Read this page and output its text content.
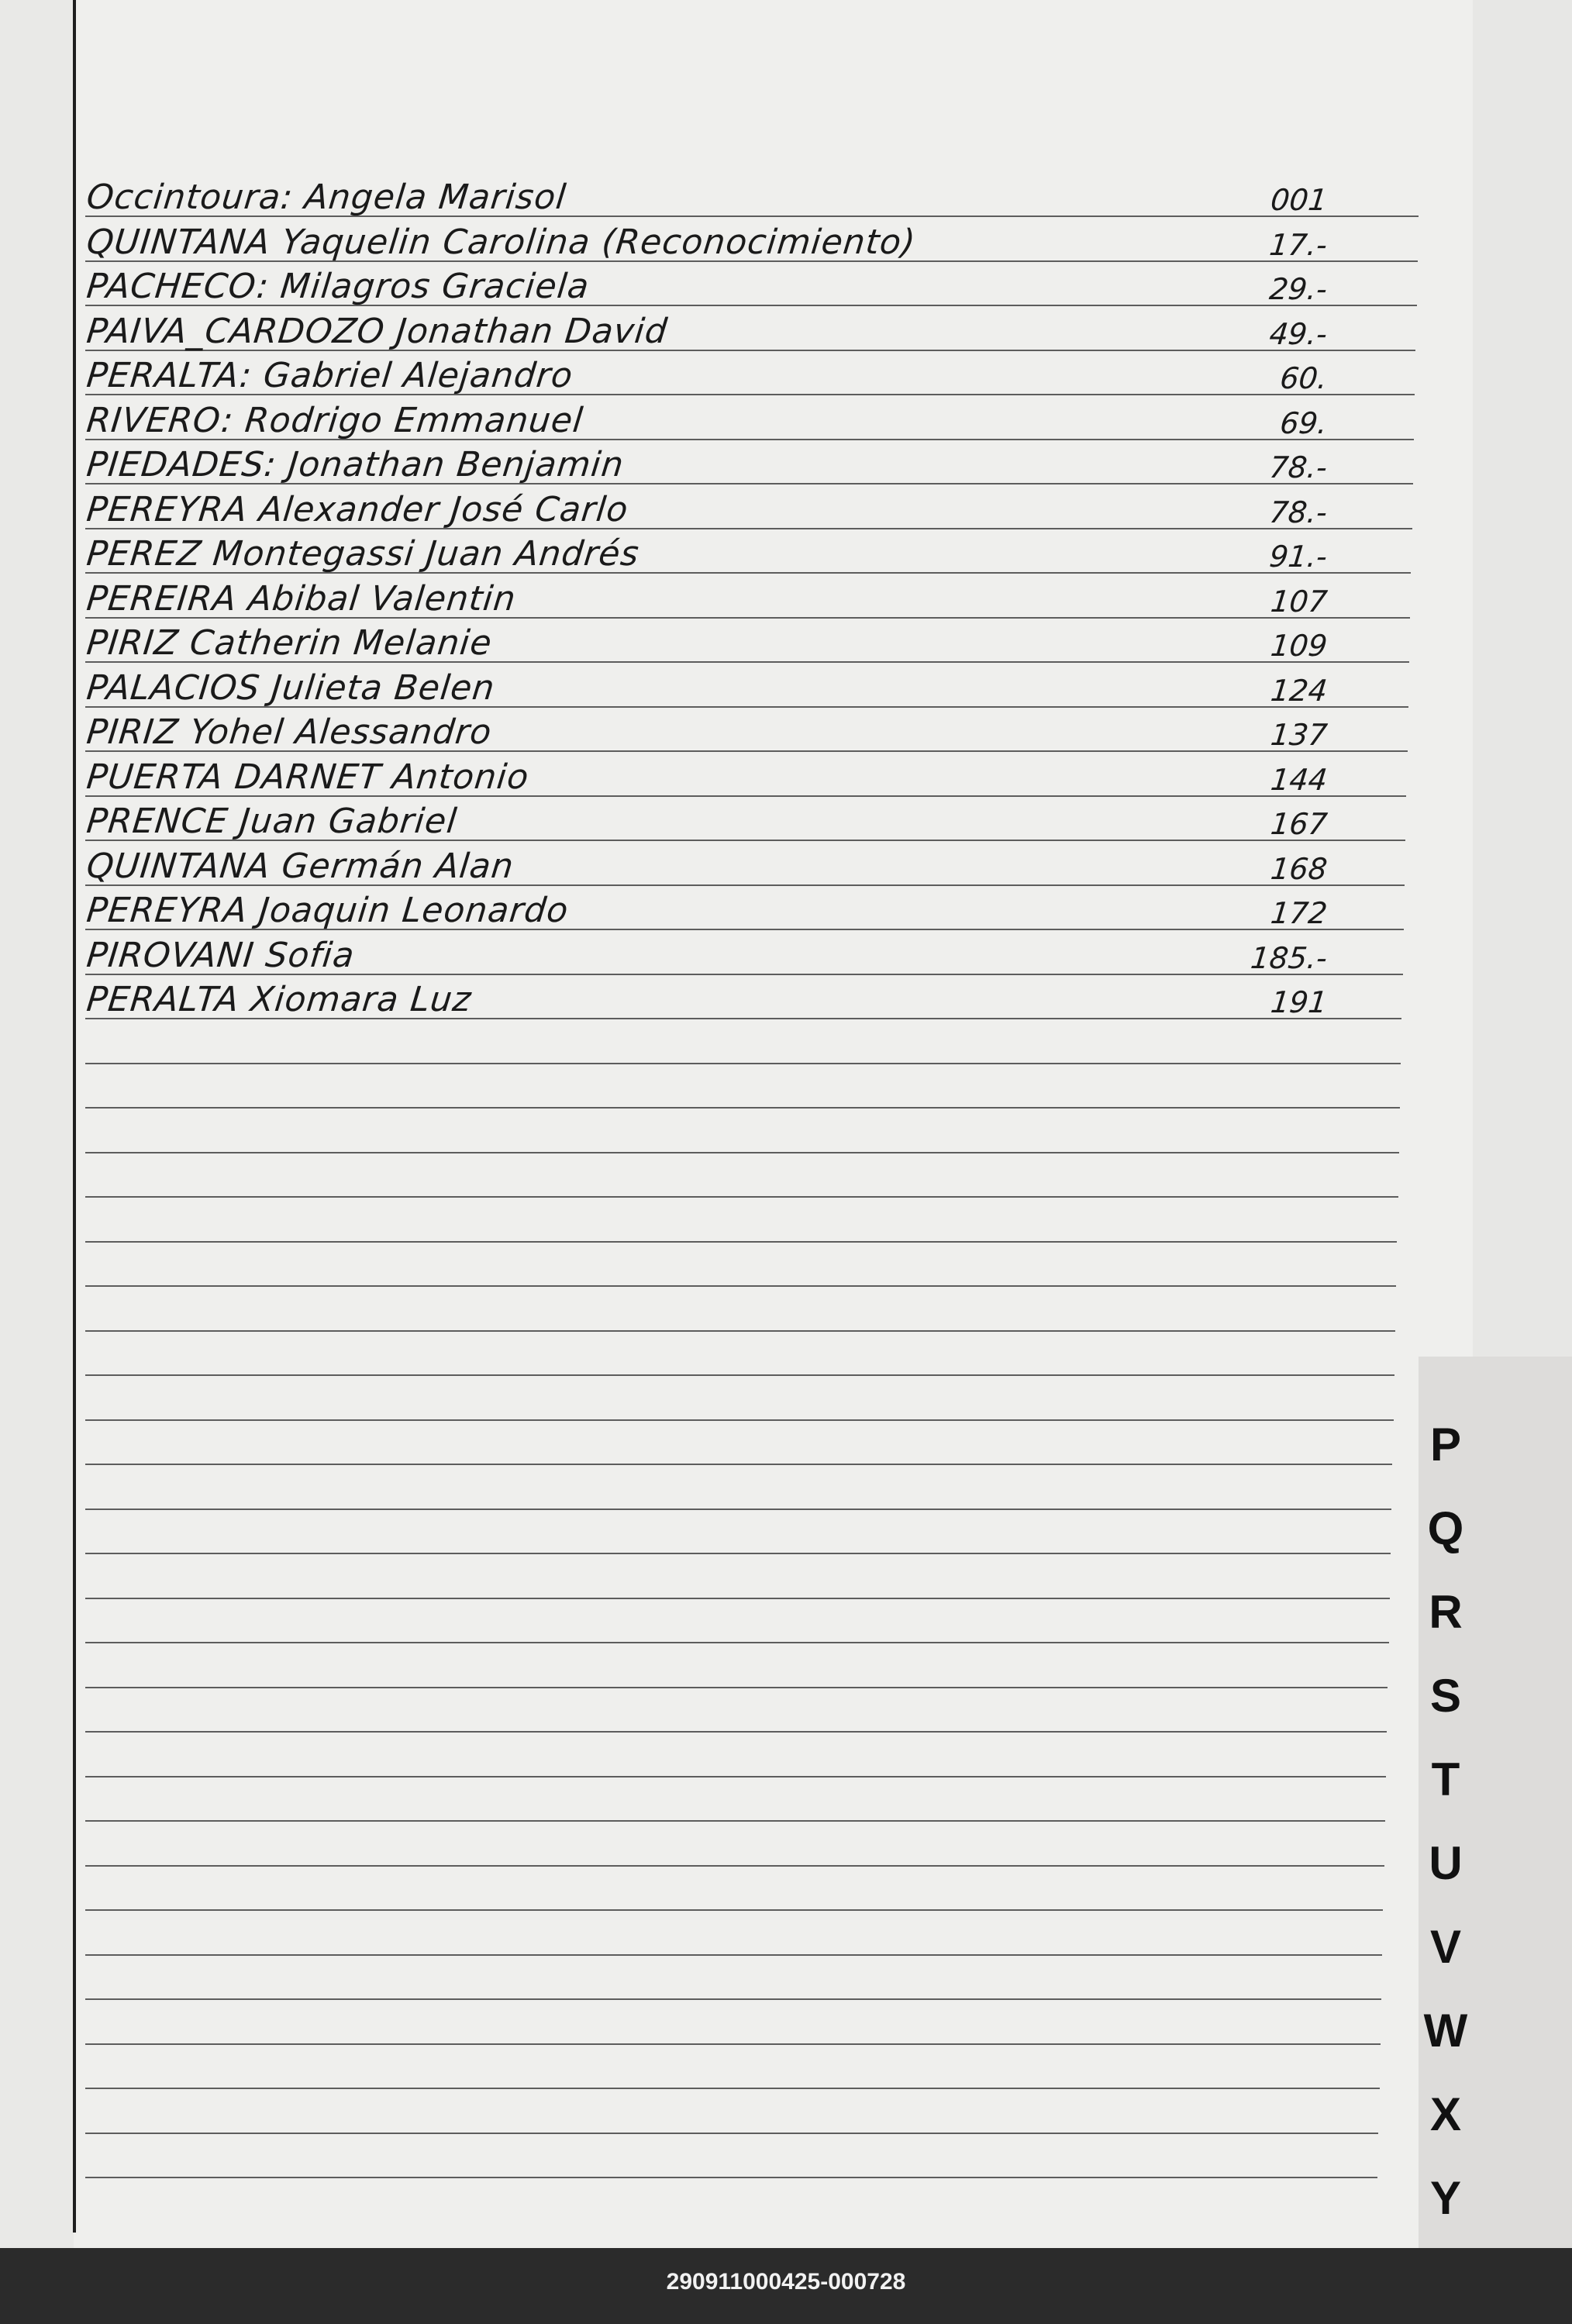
Occintoura: Angela Marisol	001
QUINTANA Yaquelin Carolina (Reconocimiento)	17.-
PACHECO: Milagros Graciela	29.-
PAIVA_CARDOZO Jonathan David	49.-
PERALTA: Gabriel Alejandro	60.
RIVERO: Rodrigo Emmanuel	69.
PIEDADES: Jonathan Benjamin	78.-
PEREYRA Alexander José Carlo	78.-
PEREZ Montegassi Juan Andrés	91.-
PEREIRA Abibal Valentin	107
PIRIZ Catherin Melanie	109
PALACIOS Julieta Belen	124
PIRIZ Yohel Alessandro	137
PUERTA DARNET Antonio	144
PRENCE Juan Gabriel	167
QUINTANA Germán Alan	168
PEREYRA Joaquin Leonardo	172
PIROVANI Sofia	185.-
PERALTA Xiomara Luz	191
P
Q
R
S
T
U
V
W
X
Y
290911000425-000728
